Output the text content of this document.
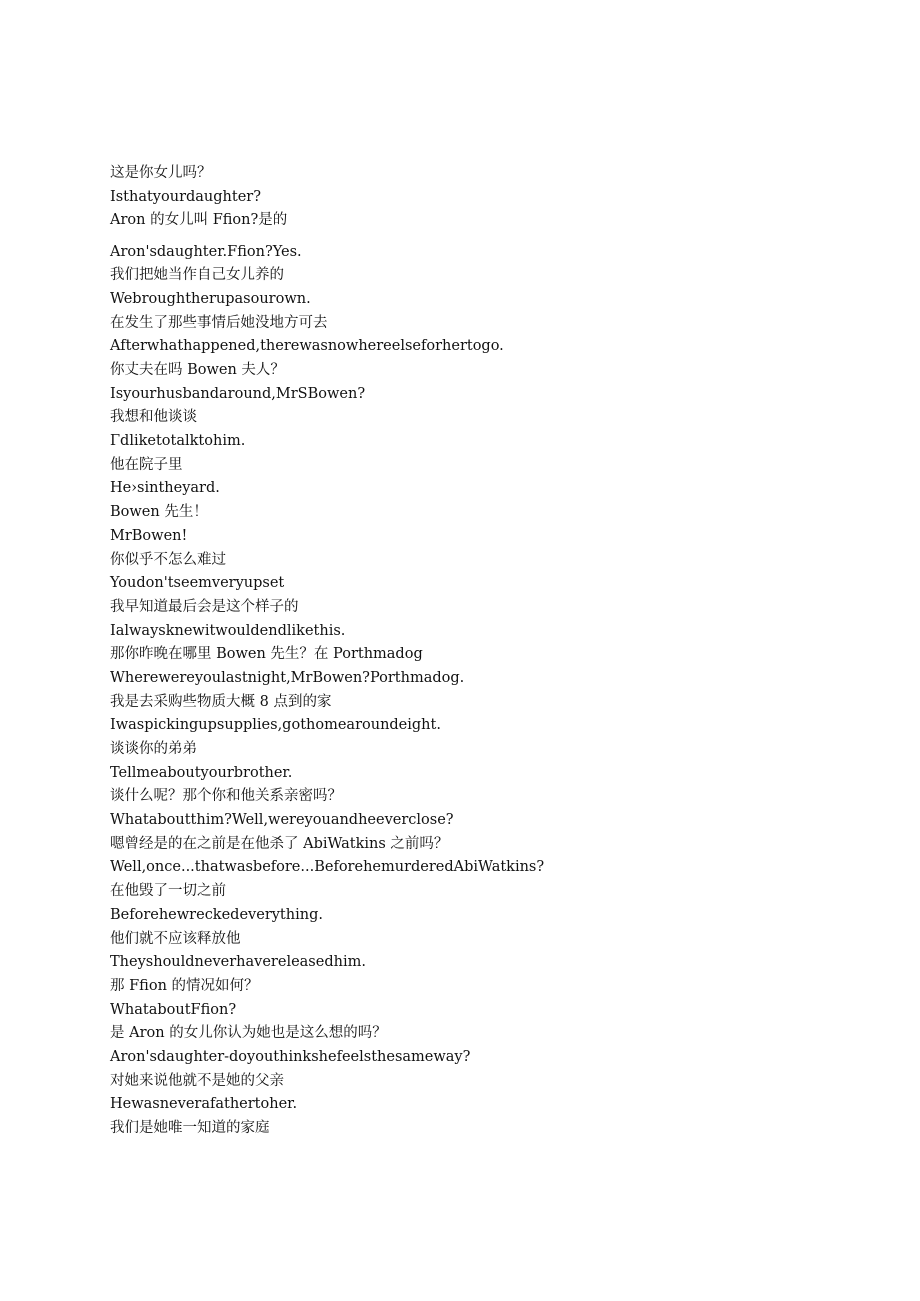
这是你女儿吗？
Isthatyourdaughter?
Aron 的女儿叫 Ffion?是的
Aron'sdaughter.Ffion?Yes.
我们把她当作自己女儿养的
Webroughtherupasourown.
在发生了那些事情后她没地方可去
Afterwhathappened,therewasnowhereelseforhertogo.
你丈夫在吗 Bowen 夫人？
Isyourhusbandaround,MrSBowen?
我想和他谈谈
Γdliketotalktohim.
他在院子里
He›sintheyard.
Bowen 先生！
MrBowen!
你似乎不怎么难过
Youdon'tseemveryupset
我早知道最后会是这个样子的
Ialwaysknewitwouldendlikethis.
那你昨晚在哪里 Bowen 先生？在 Porthmadog
Wherewereyoulastnight,MrBowen?Porthmadog.
我是去采购些物质大概 8 点到的家
Iwaspickingupsupplies,gothomearoundeight.
谈谈你的弟弟
Tellmeaboutyourbrother.
谈什么呢？那个你和他关系亲密吗？
Whataboutthim?Well,wereyouandheeverclose?
嗯曾经是的在之前是在他杀了 AbiWatkins 之前吗？
Well,once...thatwasbefore...BeforehemurderedAbiWatkins?
在他毁了一切之前
Beforehewreckedeverything.
他们就不应该释放他
Theyshouldneverhavereleasedhim.
那 Ffion 的情况如何？
WhataboutFfion?
是 Aron 的女儿你认为她也是这么想的吗？
Aron'sdaughter-doyouthinkshefeelsthesameway?
对她来说他就不是她的父亲
Hewasneverafathertoher.
我们是她唯一知道的家庭
